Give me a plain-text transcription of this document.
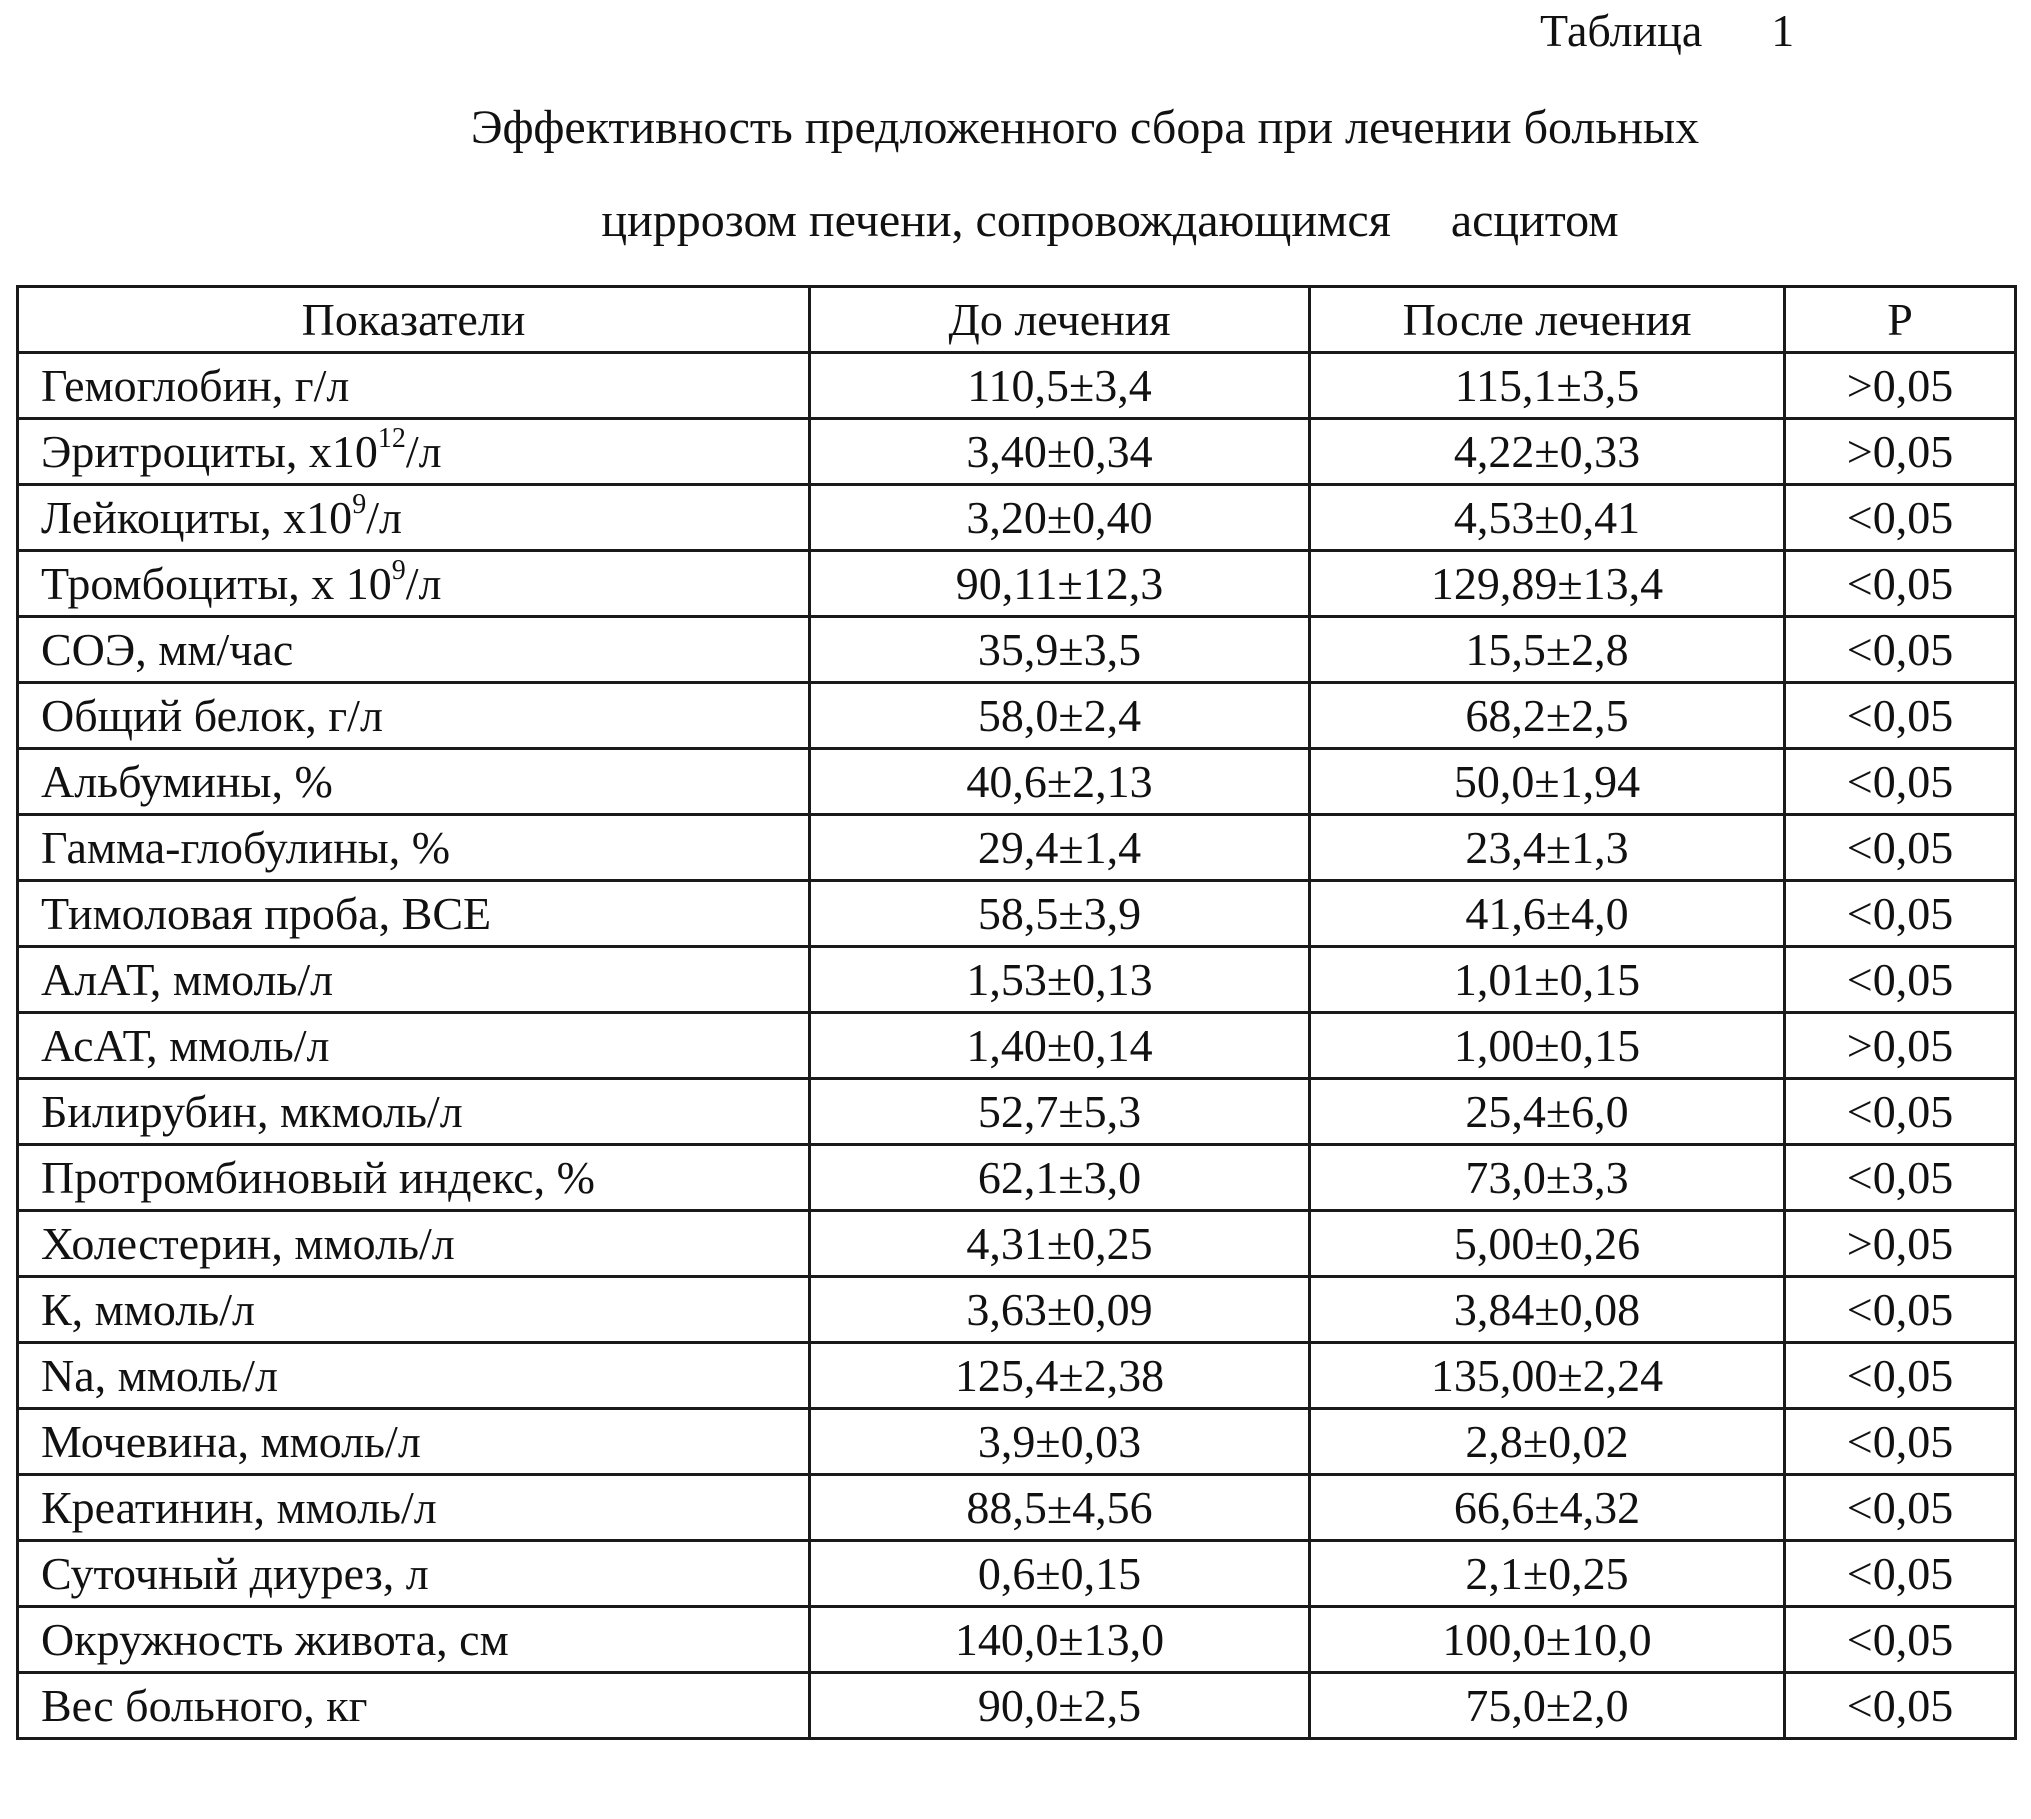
Таблица      1
Эффективность предложенного сбора при лечении больных
циррозом печени, сопровождающимся     асцитом
Показатели	До лечения	После лечения	P
Гемоглобин, г/л	110,5±3,4	115,1±3,5	>0,05
Эритроциты, $x10^{12}/л$	3,40±0,34	4,22±0,33	>0,05
Лейкоциты, $x10^9/л$	3,20±0,40	4,53±0,41	<0,05
Тромбоциты, x $10^9/л$	90,11±12,3	129,89±13,4	<0,05
СОЭ, мм/час	35,9±3,5	15,5±2,8	<0,05
Общий белок, г/л	58,0±2,4	68,2±2,5	<0,05
Альбумины, %	40,6±2,13	50,0±1,94	<0,05
Гамма-глобулины, %	29,4±1,4	23,4±1,3	<0,05
Тимоловая проба, ВСЕ	58,5±3,9	41,6±4,0	<0,05
АлАТ, ммоль/л	1,53±0,13	1,01±0,15	<0,05
АсАТ, ммоль/л	1,40±0,14	1,00±0,15	>0,05
Билирубин, мкмоль/л	52,7±5,3	25,4±6,0	<0,05
Протромбиновый индекс, %	62,1±3,0	73,0±3,3	<0,05
Холестерин, ммоль/л	4,31±0,25	5,00±0,26	>0,05
К, ммоль/л	3,63±0,09	3,84±0,08	<0,05
Na, ммоль/л	125,4±2,38	135,00±2,24	<0,05
Мочевина, ммоль/л	3,9±0,03	2,8±0,02	<0,05
Креатинин, ммоль/л	88,5±4,56	66,6±4,32	<0,05
Суточный диурез, л	0,6±0,15	2,1±0,25	<0,05
Окружность живота, см	140,0±13,0	100,0±10,0	<0,05
Вес больного, кг	90,0±2,5	75,0±2,0	<0,05
